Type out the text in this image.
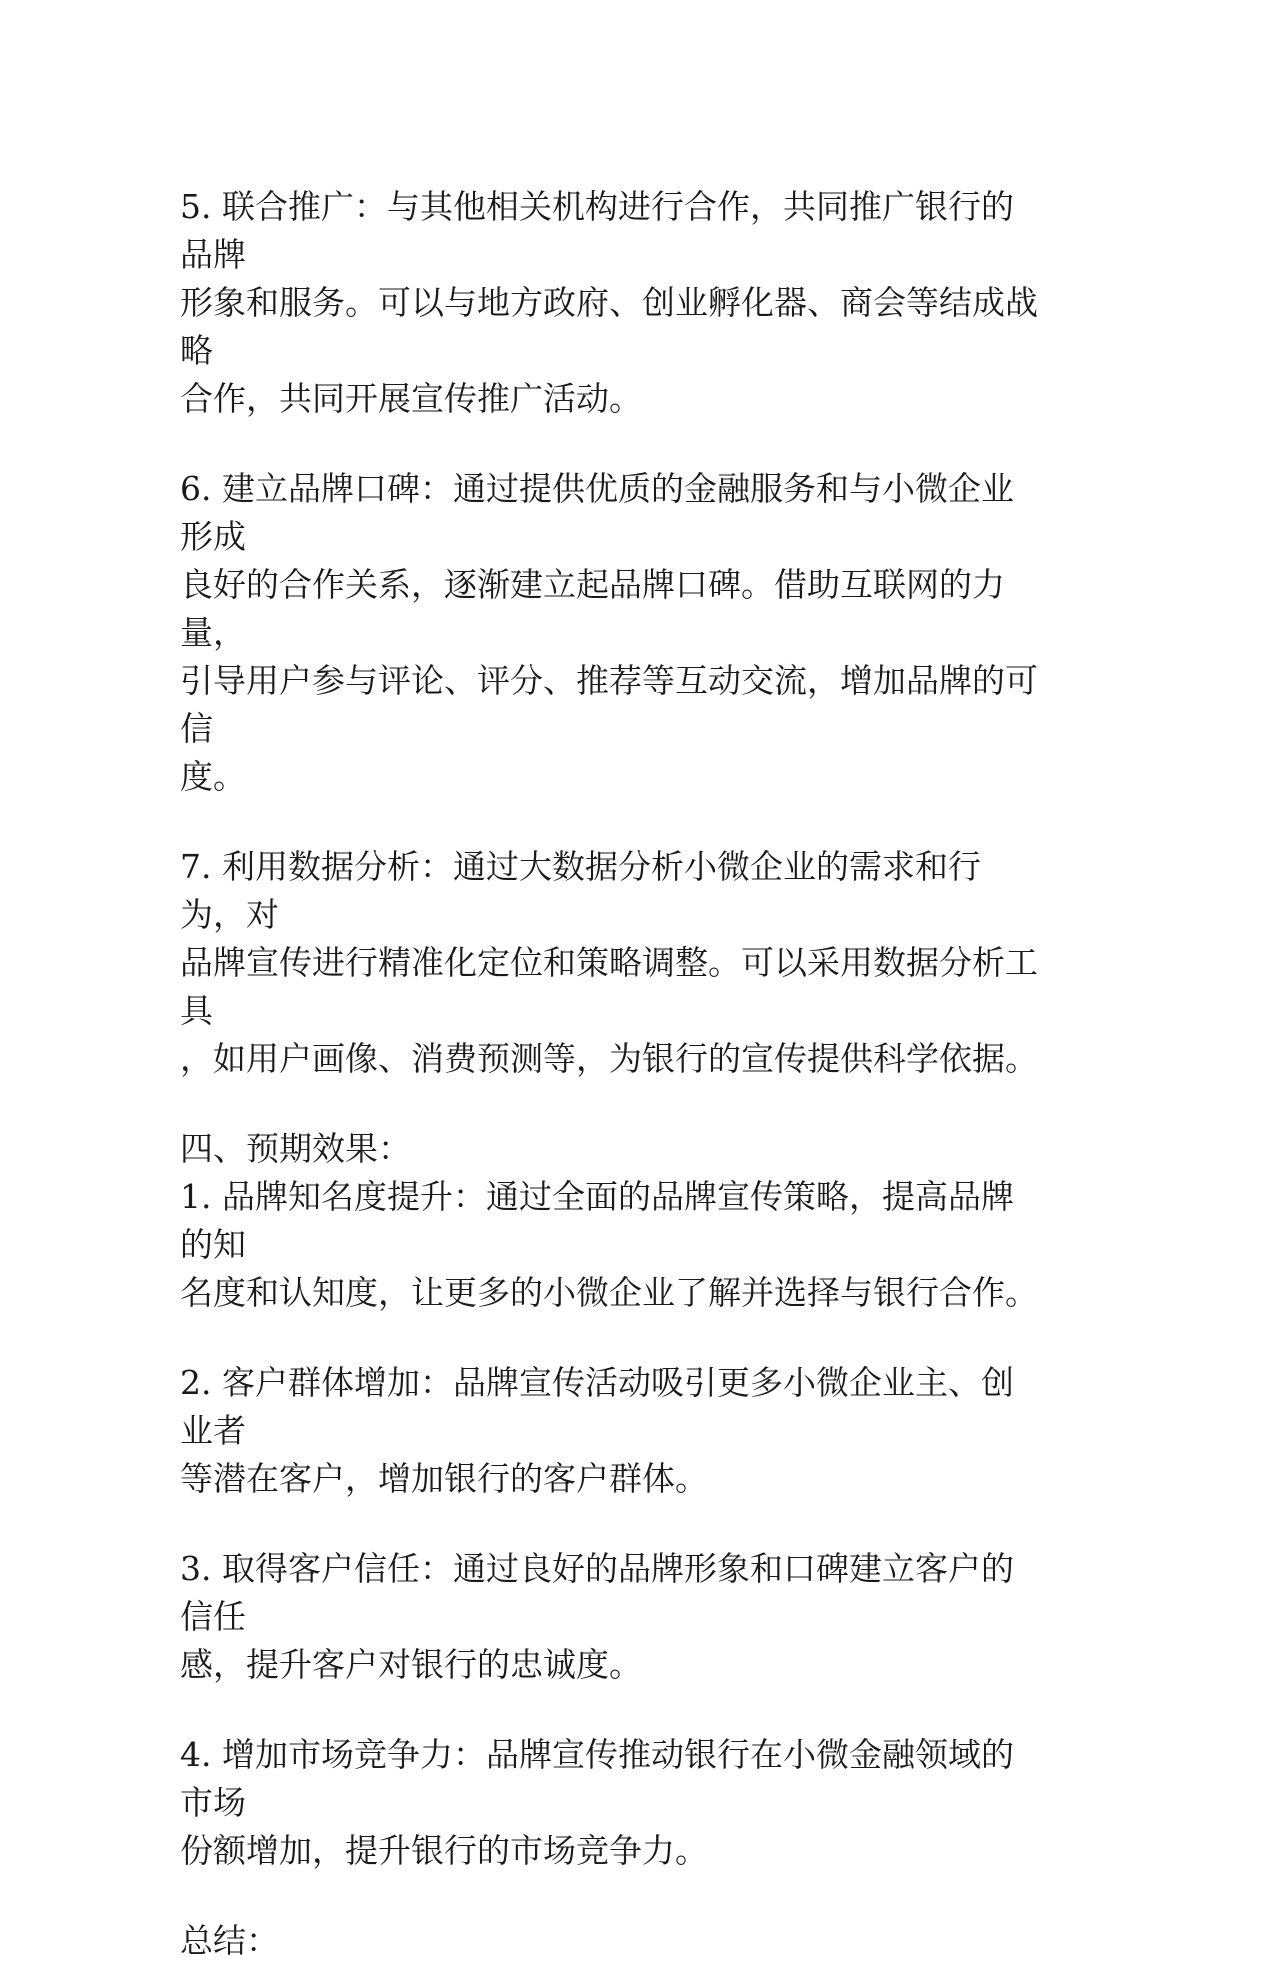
5. 联合推广：与其他相关机构进行合作，共同推广银行的品牌
形象和服务。可以与地方政府、创业孵化器、商会等结成战略
合作，共同开展宣传推广活动。

6. 建立品牌口碑：通过提供优质的金融服务和与小微企业形成
良好的合作关系，逐渐建立起品牌口碑。借助互联网的力量，
引导用户参与评论、评分、推荐等互动交流，增加品牌的可信
度。

7. 利用数据分析：通过大数据分析小微企业的需求和行为，对
品牌宣传进行精准化定位和策略调整。可以采用数据分析工具
，如用户画像、消费预测等，为银行的宣传提供科学依据。

四、预期效果：

1. 品牌知名度提升：通过全面的品牌宣传策略，提高品牌的知
名度和认知度，让更多的小微企业了解并选择与银行合作。

2. 客户群体增加：品牌宣传活动吸引更多小微企业主、创业者
等潜在客户，增加银行的客户群体。

3. 取得客户信任：通过良好的品牌形象和口碑建立客户的信任
感，提升客户对银行的忠诚度。

4. 增加市场竞争力：品牌宣传推动银行在小微金融领域的市场
份额增加，提升银行的市场竞争力。

总结：
